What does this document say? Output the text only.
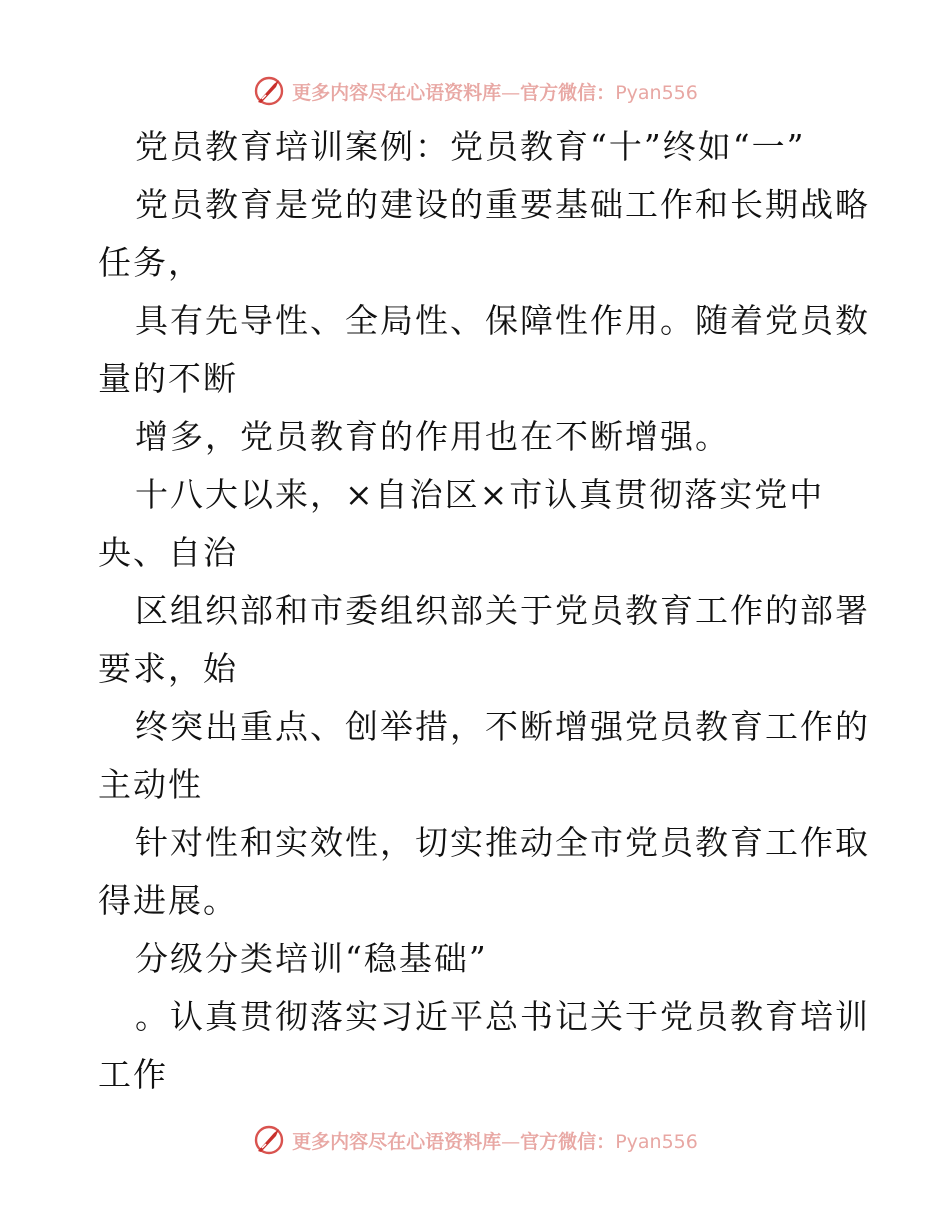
更多内容尽在心语资料库—官方微信：Pyan556
党员教育培训案例：党员教育“十”终如“一”
党员教育是党的建设的重要基础工作和长期战略
任务，
具有先导性、全局性、保障性作用。随着党员数
量的不断
增多，党员教育的作用也在不断增强。
十八大以来，×自治区×市认真贯彻落实党中
央、自治
区组织部和市委组织部关于党员教育工作的部署
要求，始
终突出重点、创举措，不断增强党员教育工作的
主动性
针对性和实效性，切实推动全市党员教育工作取
得进展。
分级分类培训“稳基础”
。认真贯彻落实习近平总书记关于党员教育培训
工作
更多内容尽在心语资料库—官方微信：Pyan556
